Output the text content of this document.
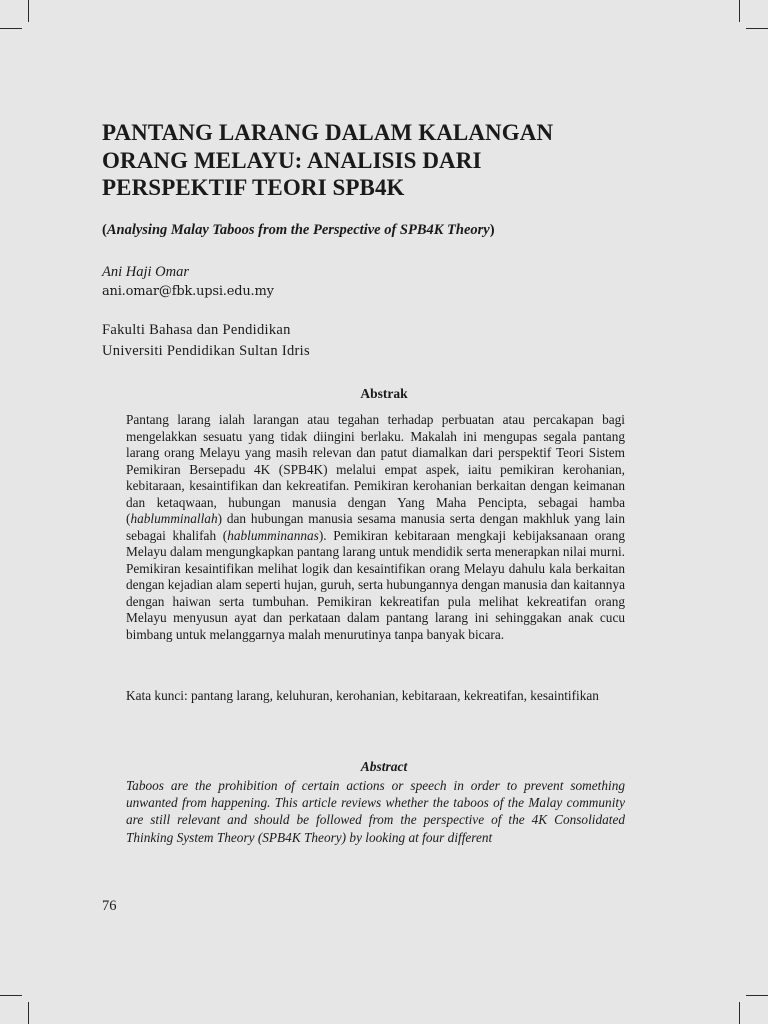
PANTANG LARANG DALAM KALANGAN
ORANG MELAYU: ANALISIS DARI
PERSPEKTIF TEORI SPB4K

(Analysing Malay Taboos from the Perspective of SPB4K Theory)

Ani Haji Omar
ani.omar@fbk.upsi.edu.my
Fakulti Bahasa dan Pendidikan
Universiti Pendidikan Sultan Idris
Abstrak

Pantang larang ialah larangan atau tegahan terhadap perbuatan atau percakapan bagi mengelakkan sesuatu yang tidak diingini berlaku. Makalah ini mengupas segala pantang larang orang Melayu yang masih relevan dan patut diamalkan dari perspektif Teori Sistem Pemikiran Bersepadu 4K (SPB4K) melalui empat aspek, iaitu pemikiran kerohanian, kebitaraan, kesaintifikan dan kekreatifan. Pemikiran kerohanian berkaitan dengan keimanan dan ketaqwaan, hubungan manusia dengan Yang Maha Pencipta, sebagai hamba (hablumminallah) dan hubungan manusia sesama manusia serta dengan makhluk yang lain sebagai khalifah (hablumminannas). Pemikiran kebitaraan mengkaji kebijaksanaan orang Melayu dalam mengungkapkan pantang larang untuk mendidik serta menerapkan nilai murni. Pemikiran kesaintifikan melihat logik dan kesaintifikan orang Melayu dahulu kala berkaitan dengan kejadian alam seperti hujan, guruh, serta hubungannya dengan manusia dan kaitannya dengan haiwan serta tumbuhan. Pemikiran kekreatifan pula melihat kekreatifan orang Melayu menyusun ayat dan perkataan dalam pantang larang ini sehinggakan anak cucu bimbang untuk melanggarnya malah menurutinya tanpa banyak bicara.

Kata kunci: pantang larang, keluhuran, kerohanian, kebitaraan, kekreatifan, kesaintifikan

Abstract

Taboos are the prohibition of certain actions or speech in order to prevent something unwanted from happening. This article reviews whether the taboos of the Malay community are still relevant and should be followed from the perspective of the 4K Consolidated Thinking System Theory (SPB4K Theory) by looking at four different

76
